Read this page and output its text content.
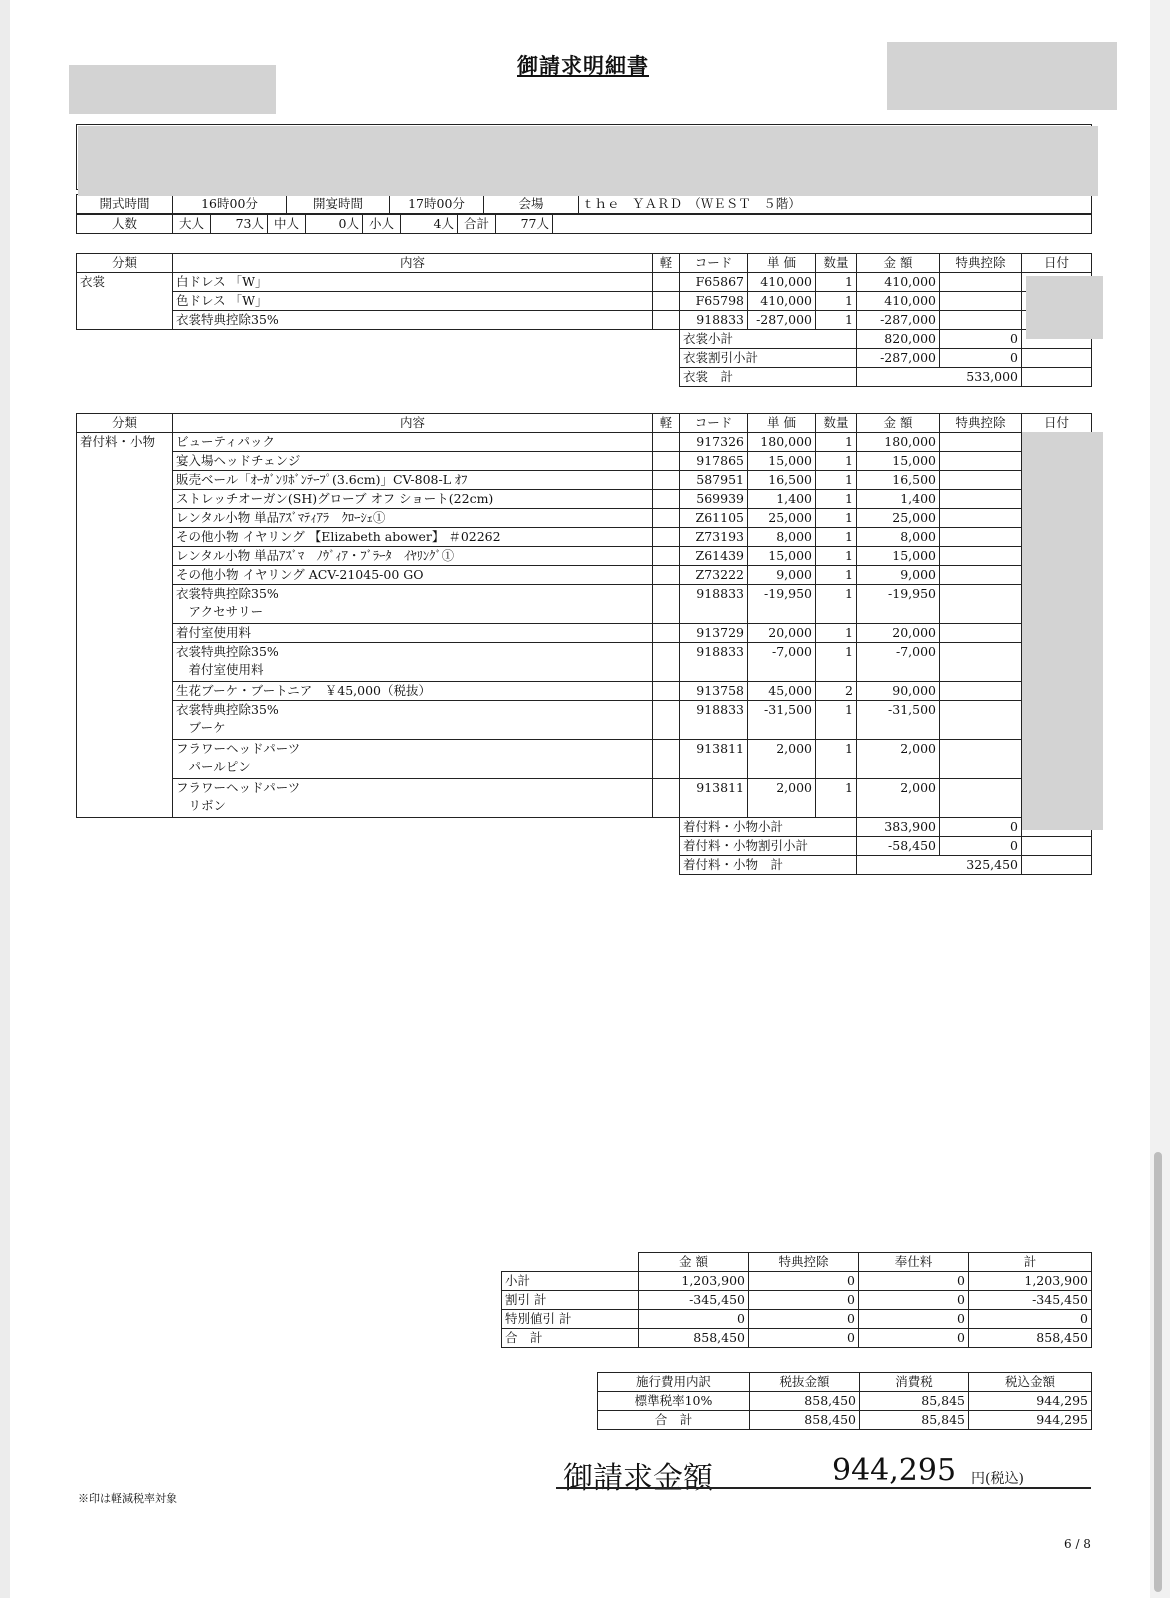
御請求明細書

開式時間	16時00分	開宴時間	17時00分	会場	ｔｈｅ　ＹＡＲＤ　（ＷＥＳＴ　５階）
人数	大人	73人	中人	0人	小人	4人	合計	77人	
分類	内容	軽	コード	単 価	数量	金 額	特典控除	日付
衣裳	白ドレス 「W」		F65867	410,000	1	410,000		
	色ドレス 「W」		F65798	410,000	1	410,000		
	衣裳特典控除35%		918833	-287,000	1	-287,000		
			衣裳小計			820,000	0	
			衣裳割引小計			-287,000	0	
			衣裳　計			533,000		
分類	内容	軽	コード	単 価	数量	金 額	特典控除	日付
着付料・小物	ビューティパック		917326	180,000	1	180,000		

	宴入場ヘッドチェンジ		917865	15,000	1	15,000		

	販売ベール「ｵｰｶﾞﾝﾘﾎﾞﾝﾃｰﾌﾟ(3.6cm)」CV-808-L ｵﾌ		587951	16,500	1	16,500		

	ストレッチオーガン(SH)グローブ オフ ショート(22cm)		569939	1,400	1	1,400		

	レンタル小物 単品ｱｽﾞﾏﾃｨｱﾗ　ｸﾛｰｼｪ①		Z61105	25,000	1	25,000		

	その他小物 イヤリング 【Elizabeth abower】 ＃02262		Z73193	8,000	1	8,000		

	レンタル小物 単品ｱｽﾞﾏ　ﾉｳﾞｨｱ・ﾌﾞﾗｰﾀ　ｲﾔﾘﾝｸﾞ①		Z61439	15,000	1	15,000		

	その他小物 イヤリング ACV-21045-00 GO		Z73222	9,000	1	9,000		

	衣裳特典控除35%
　アクセサリー		918833	-19,950	1	-19,950		

	着付室使用料		913729	20,000	1	20,000		

	衣裳特典控除35%
　着付室使用料		918833	-7,000	1	-7,000		

	生花ブーケ・ブートニア　￥45,000（税抜）		913758	45,000	2	90,000		

	衣裳特典控除35%
　ブーケ		918833	-31,500	1	-31,500		

	フラワーヘッドパーツ
　パールピン		913811	2,000	1	2,000		

	フラワーヘッドパーツ
　リボン		913811	2,000	1	2,000		
			着付料・小物小計			383,900	0	
			着付料・小物割引小計			-58,450	0	
			着付料・小物　計			325,450		
	金 額	特典控除	奉仕料	計
小計	1,203,900	0	0	1,203,900
割引 計	-345,450	0	0	-345,450
特別値引 計	0	0	0	0
合　計	858,450	0	0	858,450
施行費用内訳	税抜金額	消費税	税込金額
標準税率10%	858,450	85,845	944,295
合　計	858,450	85,845	944,295
御請求金額	944,295 円(税込)
※印は軽減税率対象
6 / 8
